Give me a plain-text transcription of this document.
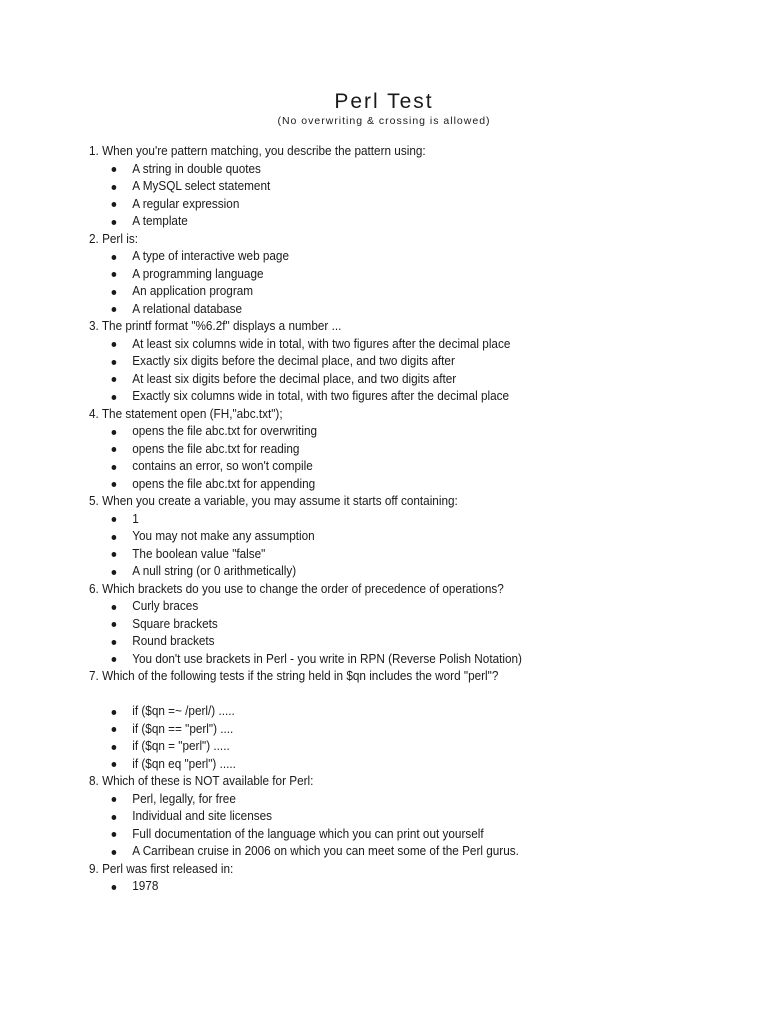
Perl Test
(No overwriting & crossing is allowed)
1. When you're pattern matching, you describe the pattern using:
A string in double quotes
A MySQL select statement
A regular expression
A template
2. Perl is:
A type of interactive web page
A programming language
An application program
A relational database
3. The printf format "%6.2f" displays a number ...
At least six columns wide in total, with two figures after the decimal place
Exactly six digits before the decimal place, and two digits after
At least six digits before the decimal place, and two digits after
Exactly six columns wide in total, with two figures after the decimal place
4. The statement open (FH,"abc.txt");
opens the file abc.txt for overwriting
opens the file abc.txt for reading
contains an error, so won't compile
opens the file abc.txt for appending
5. When you create a variable, you may assume it starts off containing:
1
You may not make any assumption
The boolean value "false"
A null string (or 0 arithmetically)
6. Which brackets do you use to change the order of precedence of operations?
Curly braces
Square brackets
Round brackets
You don't use brackets in Perl - you write in RPN (Reverse Polish Notation)
7. Which of the following tests if the string held in $qn includes the word "perl"?
if ($qn =~ /perl/) .....
if ($qn == "perl") ....
if ($qn = "perl") .....
if ($qn eq "perl") .....
8. Which of these is NOT available for Perl:
Perl, legally, for free
Individual and site licenses
Full documentation of the language which you can print out yourself
A Carribean cruise in 2006 on which you can meet some of the Perl gurus.
9. Perl was first released in:
1978
